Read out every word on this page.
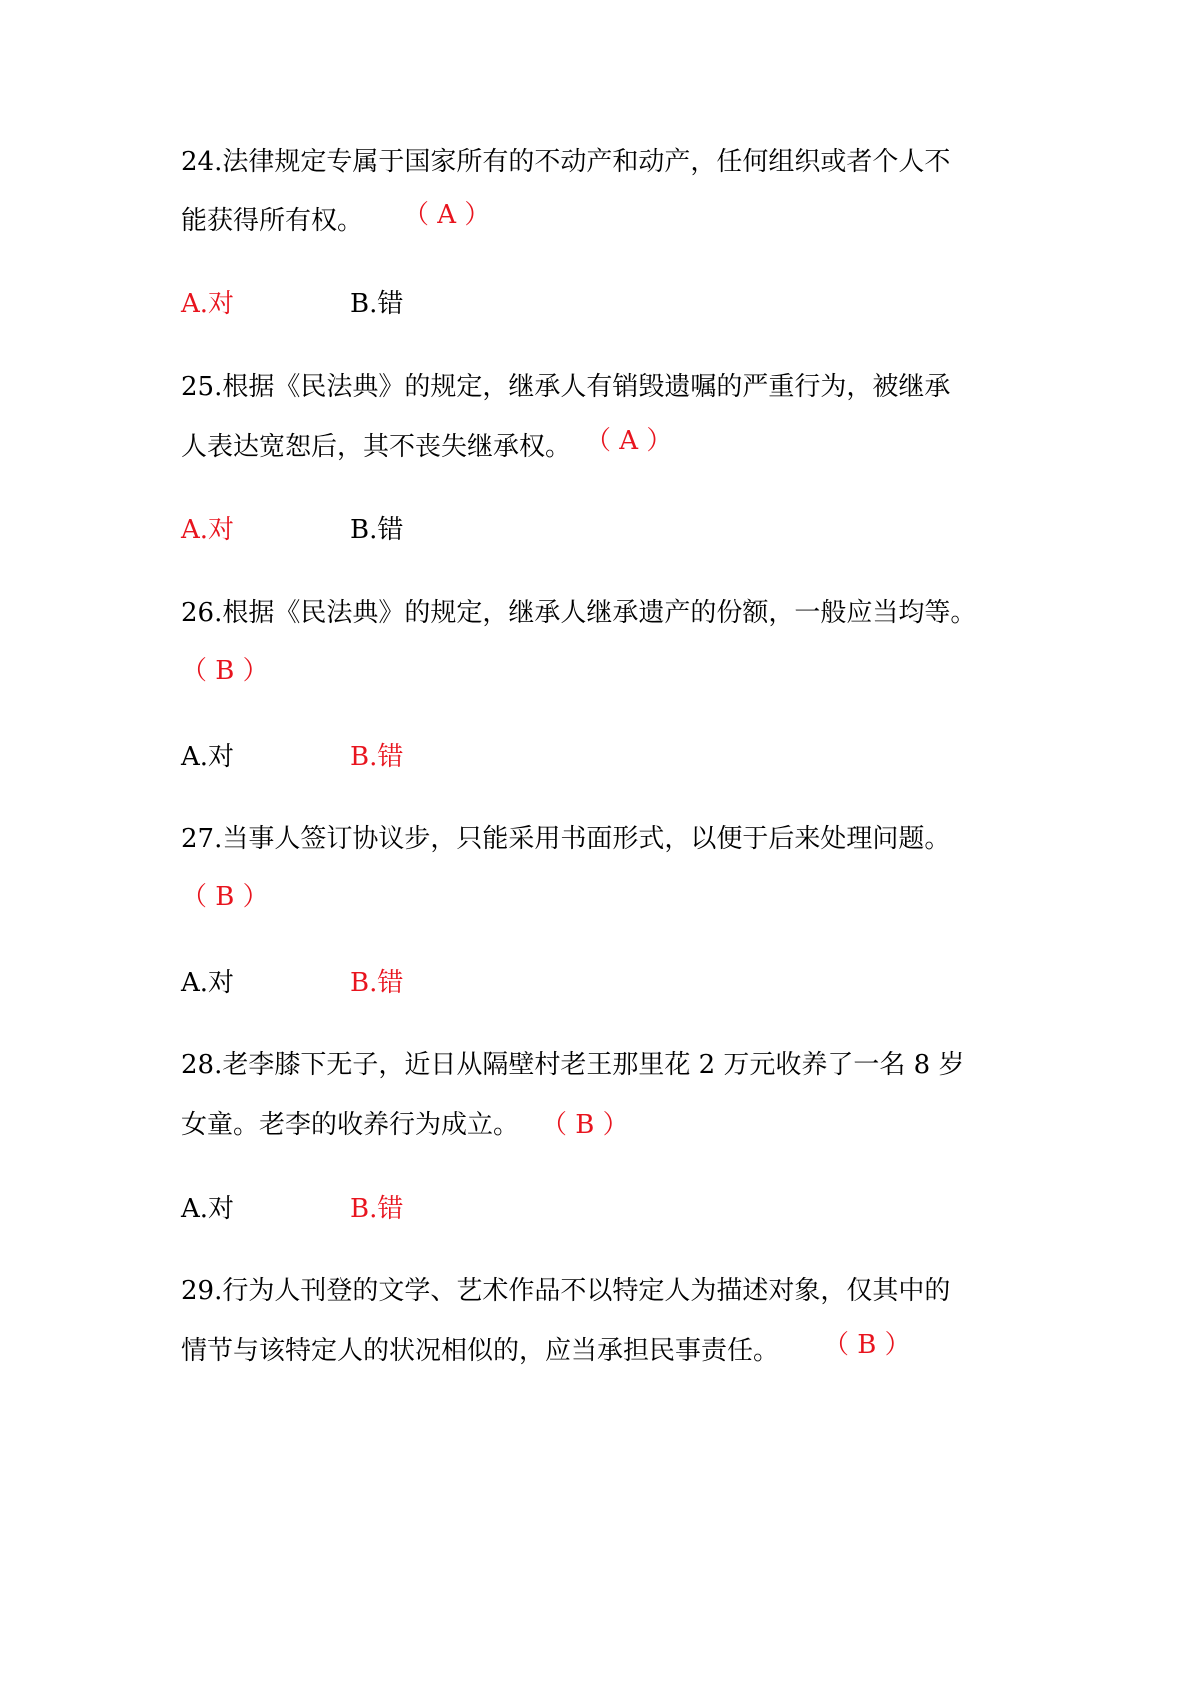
24.法律规定专属于国家所有的不动产和动产，任何组织或者个人不
能获得所有权。 （ A ）
A.对	B.错
25.根据《民法典》的规定，继承人有销毁遗嘱的严重行为，被继承
人表达宽恕后，其不丧失继承权。 （ A ）
A.对	B.错
26.根据《民法典》的规定，继承人继承遗产的份额，一般应当均等。
（ B ）
A.对	B.错
27.当事人签订协议步，只能采用书面形式，以便于后来处理问题。
（ B ）
A.对	B.错
28.老李膝下无子，近日从隔壁村老王那里花 2 万元收养了一名 8 岁
女童。老李的收养行为成立。 （ B ）
A.对	B.错
29.行为人刊登的文学、艺术作品不以特定人为描述对象，仅其中的
情节与该特定人的状况相似的，应当承担民事责任。 （ B ）
